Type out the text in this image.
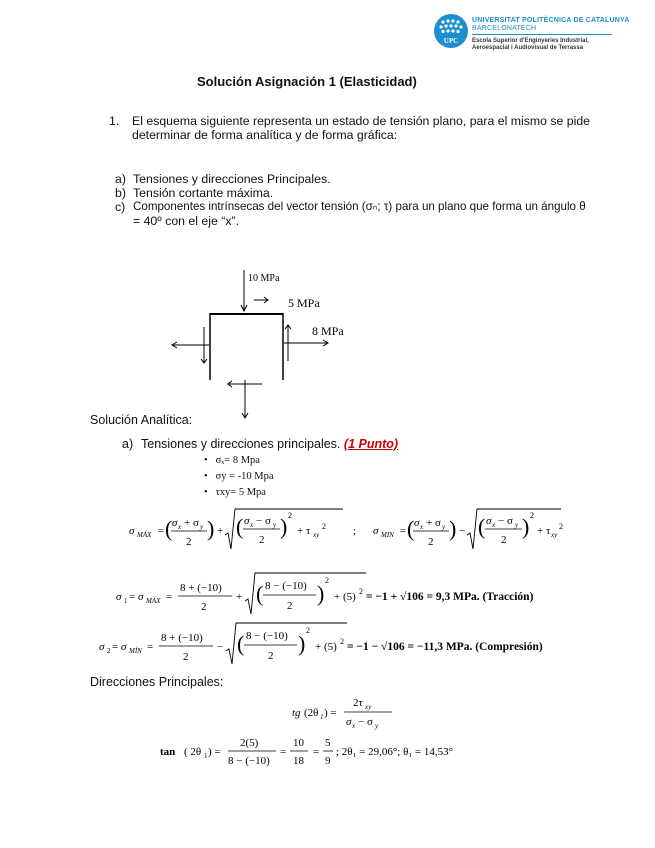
UPC
UNIVERSITAT POLITÈCNICA DE CATALUNYA
BARCELONATECH
Escola Superior d'Enginyeries Industrial,
Aeroespacial i Audiovisual de Terrassa
Solución Asignación 1 (Elasticidad)
1. El esquema siguiente representa un estado de tensión plano, para el mismo se pide
determinar de forma analítica y de forma gráfica:
a) Tensiones y direcciones Principales.
b) Tensión cortante máxima.
c) Componentes intrínsecas del vector tensión (σₙ; τ) para un plano que forma un ángulo θ
= 40º con el eje “x”.
10 MPa
5 MPa
8 MPa
Solución Analítica:
a) Tensiones y direcciones principales. (1 Punto)
•   σₓ= 8 Mpa
•   σy = -10 Mpa
•   τxy= 5 Mpa
σ MÁX = ( σ x + σ y
2
) + ( σ x − σ y
2
) 2
+ τ xy
2 ; σ MIN = ( σ x + σ y
2
) − ( σ x − σ y
2
) 2
+ τ xy
2
σ 1 = σ MÁX =
8 + (−10)
2
+ ( 8 − (−10)
2 )
2
+ (5) 2 = −1 + √106 = 9,3 MPa. (Tracción)
σ 2 = σ MÍN =
8 + (−10)
2
− ( 8 − (−10)
2 )
2
+ (5) 2 = −1 − √106 = −11,3 MPa. (Compresión)
Direcciones Principales:
tg (2θ 1 ) =
2τ xy
σ x − σ y
tan ( 2θ 1 ) =
2(5)
8 − (−10)
=
10
18
=
5
9
; 2θ₁ = 29,06°; θ₁ = 14,53°
